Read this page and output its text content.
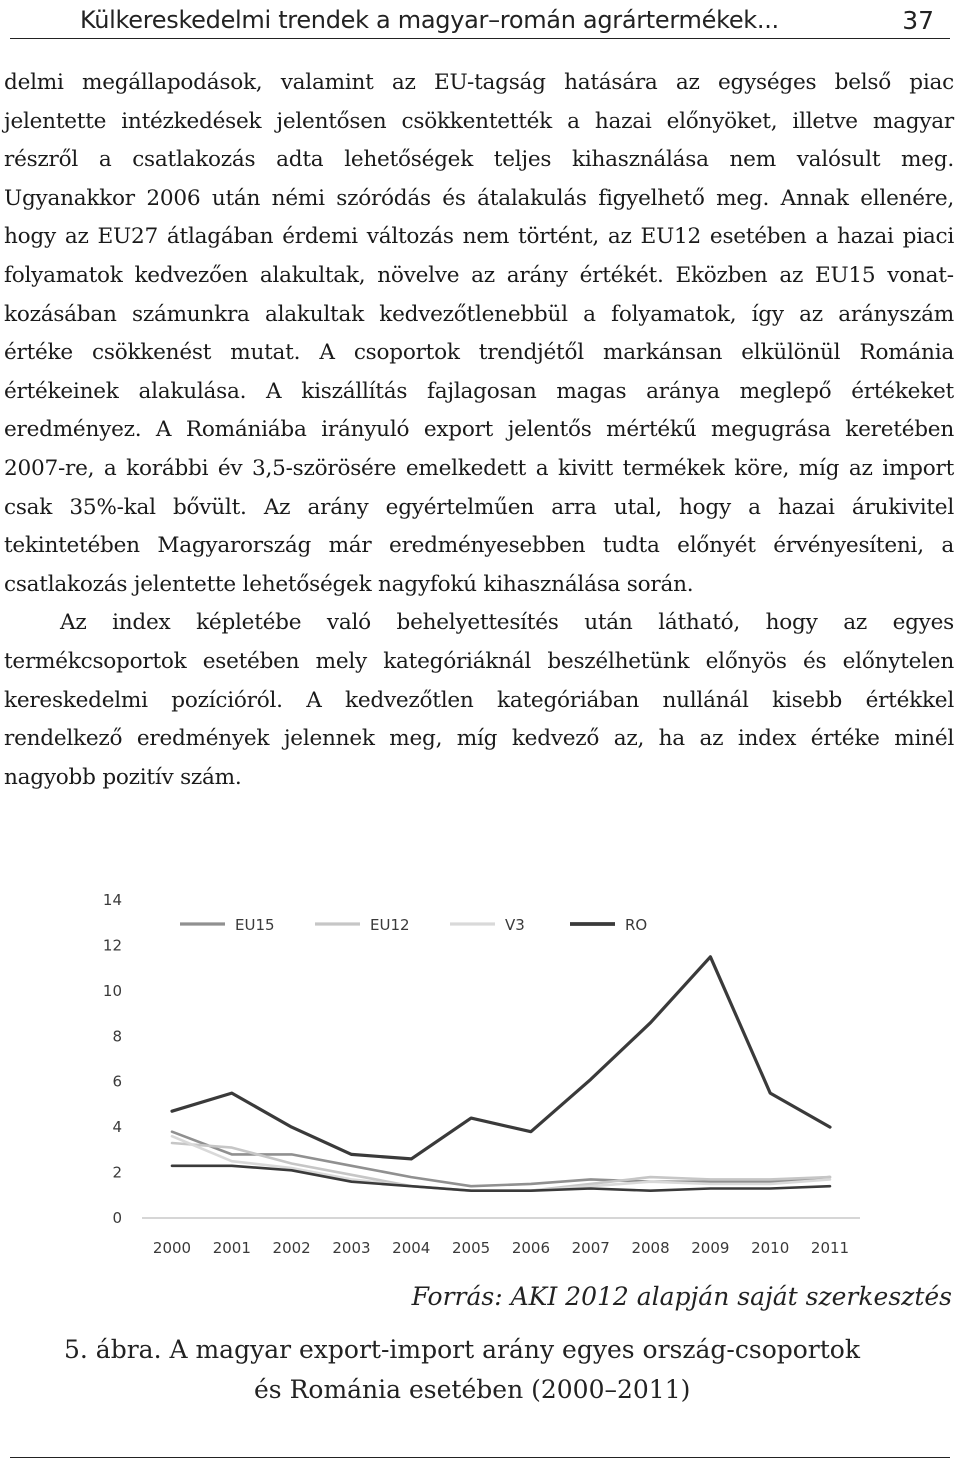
Külkereskedelmi trendek a magyar–román agrártermékek...	37

delmi megállapodások, valamint az EU-tagság hatására az egységes belső piac jelentette intézkedések jelentősen csökkentették a hazai előnyöket, illetve magyar részről a csatlakozás adta lehetőségek teljes kihasználása nem valósult meg. Ugyanakkor 2006 után némi szóródás és átalakulás figyelhető meg. Annak ellenére, hogy az EU27 átlagában érdemi változás nem történt, az EU12 esetében a hazai piaci folyamatok kedvezően alakultak, növelve az arány értékét. Eközben az EU15 vonatkozásában számunkra alakultak kedvezőtlenebbül a folyamatok, így az arányszám értéke csökkenést mutat. A csoportok trendjétől markánsan elkülönül Románia értékeinek alakulása. A kiszállítás fajlagosan magas aránya meglepő értékeket eredményez. A Romániába irányuló export jelentős mértékű megugrása keretében 2007-re, a korábbi év 3,5-szörösére emelkedett a kivitt termékek köre, míg az import csak 35%-kal bővült. Az arány egyértelműen arra utal, hogy a hazai árukivitel tekintetében Magyarország már eredményesebben tudta előnyét érvényesíteni, a csatlakozás jelentette lehetőségek nagyfokú kihasználása során.

Az index képletébe való behelyettesítés után látható, hogy az egyes termékcsoportok esetében mely kategóriáknál beszélhetünk előnyös és előnytelen kereskedelmi pozícióról. A kedvezőtlen kategóriában nullánál kisebb értékkel rendelkező eredmények jelennek meg, míg kedvező az, ha az index értéke minél nagyobb pozitív szám.

0
2
4
6
8
10
12
14
2000 2001 2002 2003 2004 2005 2006 2007 2008 2009 2010 2011
EU15	EU12	V3	RO
Forrás: AKI 2012 alapján saját szerkesztés
5. ábra. A magyar export-import arány egyes ország-csoportok
és Románia esetében (2000–2011)
